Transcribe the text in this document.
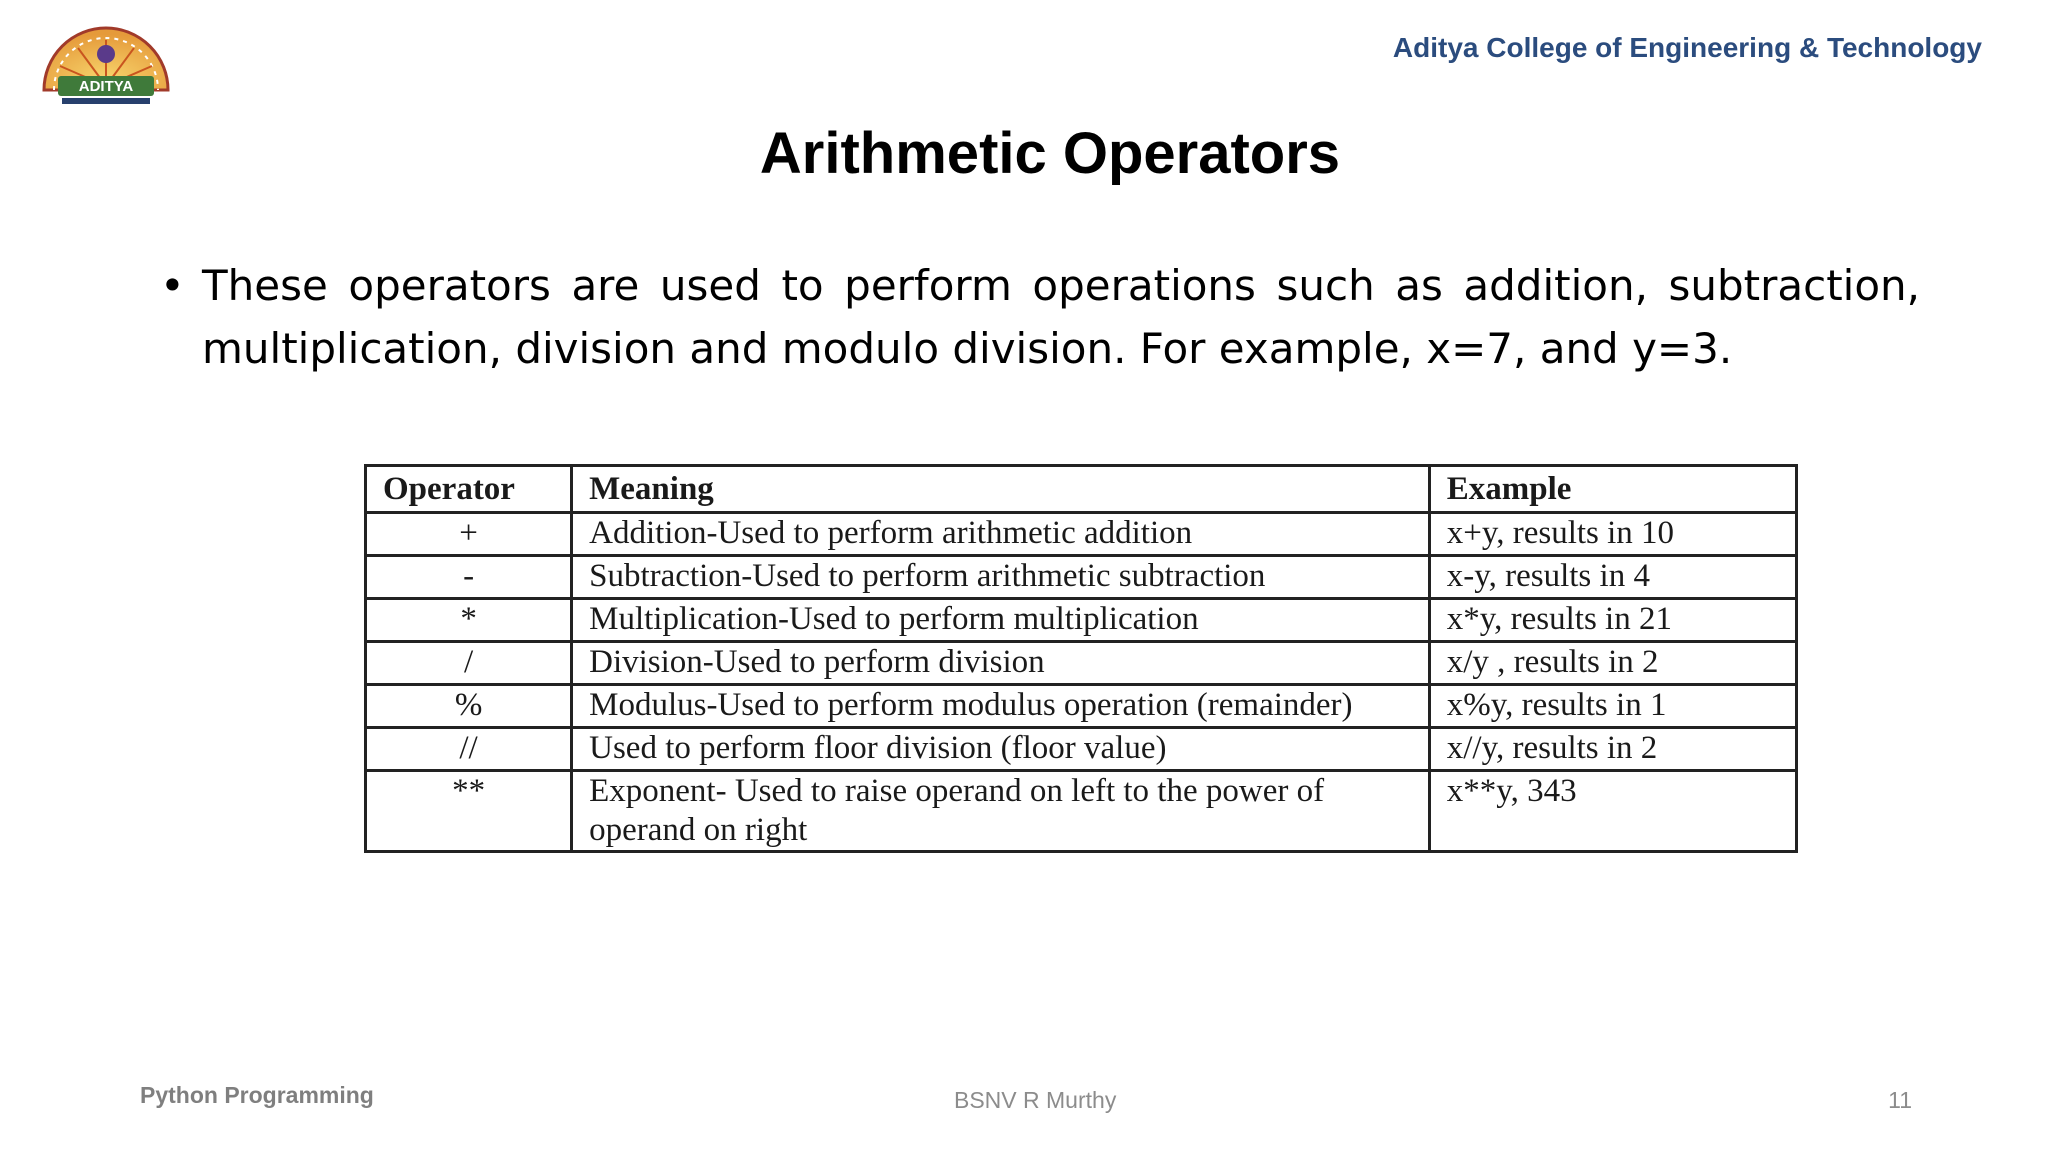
ADITYA
Aditya College of Engineering & Technology
Arithmetic Operators
• These operators are used to perform operations such as addition, subtraction, multiplication, division and modulo division. For example, x=7, and y=3.
Operator	Meaning	Example
+	Addition-Used to perform arithmetic addition	x+y, results in 10
-	Subtraction-Used to perform arithmetic subtraction	x-y, results in 4
*	Multiplication-Used to perform multiplication	x*y, results in 21
/	Division-Used to perform division	x/y , results in 2
%	Modulus-Used to perform modulus operation (remainder)	x%y, results in 1
//	Used to perform floor division (floor value)	x//y, results in 2
**	Exponent- Used to raise operand on left to the power of operand on right	x**y, 343
Python Programming	BSNV R Murthy	11
